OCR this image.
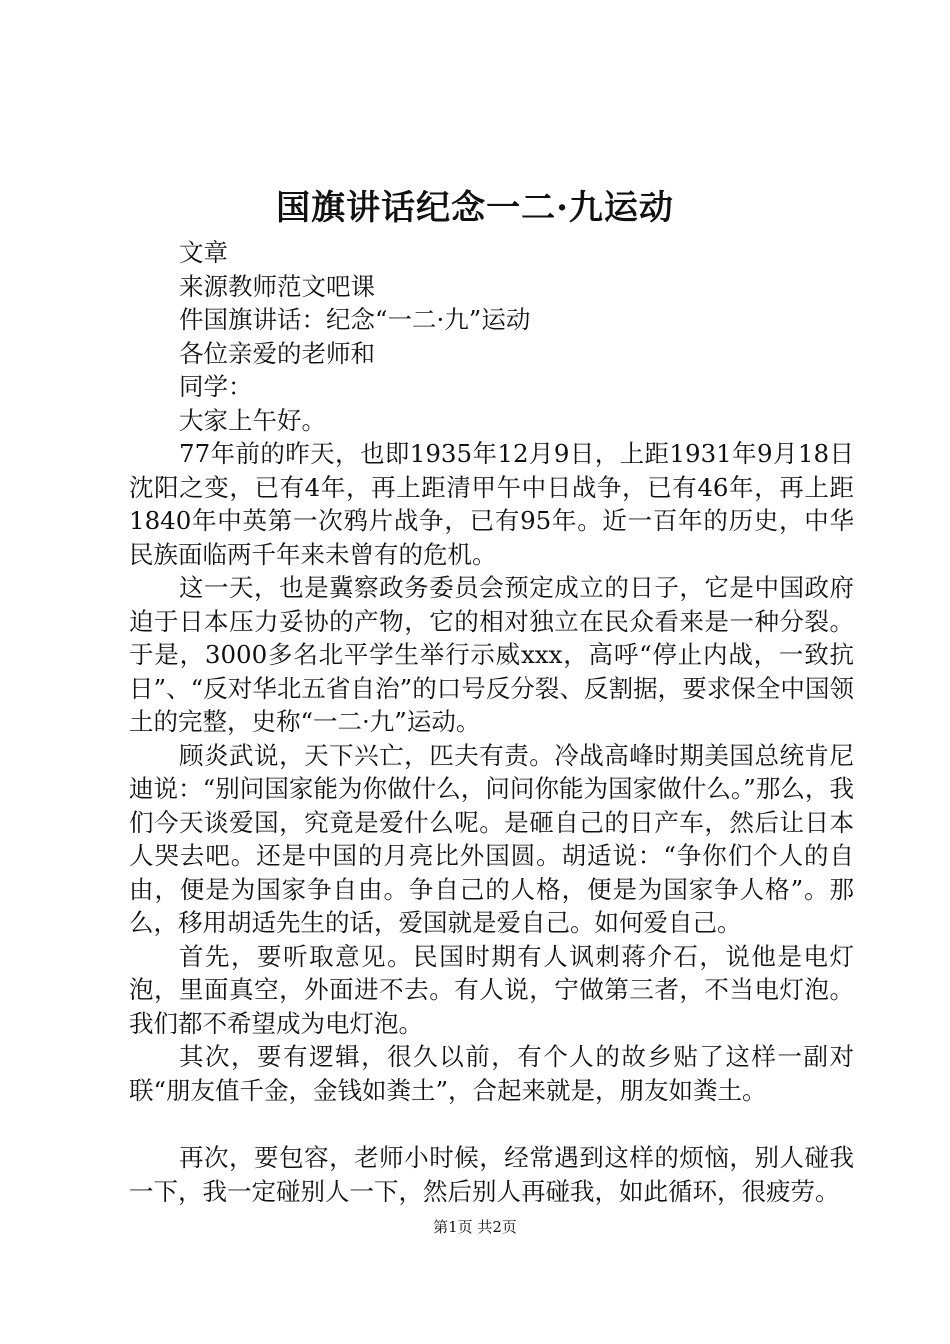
国旗讲话纪念一二·九运动

文章

来源教师范文吧课

件国旗讲话：纪念“一二·九”运动

各位亲爱的老师和

同学：

大家上午好。

77年前的昨天，也即1935年12月9日，上距1931年9月18日沈阳之变，已有4年，再上距清甲午中日战争，已有46年，再上距1840年中英第一次鸦片战争，已有95年。近一百年的历史，中华民族面临两千年来未曾有的危机。

这一天，也是冀察政务委员会预定成立的日子，它是中国政府迫于日本压力妥协的产物，它的相对独立在民众看来是一种分裂。于是，3000多名北平学生举行示威xxx，高呼“停止内战，一致抗日”、“反对华北五省自治”的口号反分裂、反割据，要求保全中国领土的完整，史称“一二·九”运动。

顾炎武说，天下兴亡，匹夫有责。冷战高峰时期美国总统肯尼迪说：“别问国家能为你做什么，问问你能为国家做什么。”那么，我们今天谈爱国，究竟是爱什么呢。是砸自己的日产车，然后让日本人哭去吧。还是中国的月亮比外国圆。胡适说：“争你们个人的自由，便是为国家争自由。争自己的人格，便是为国家争人格”。那么，移用胡适先生的话，爱国就是爱自己。如何爱自己。

首先，要听取意见。民国时期有人讽刺蒋介石，说他是电灯泡，里面真空，外面进不去。有人说，宁做第三者，不当电灯泡。我们都不希望成为电灯泡。

其次，要有逻辑，很久以前，有个人的故乡贴了这样一副对联“朋友值千金，金钱如粪土”，合起来就是，朋友如粪土。

再次，要包容，老师小时候，经常遇到这样的烦恼，别人碰我一下，我一定碰别人一下，然后别人再碰我，如此循环，很疲劳。

第1页 共2页
